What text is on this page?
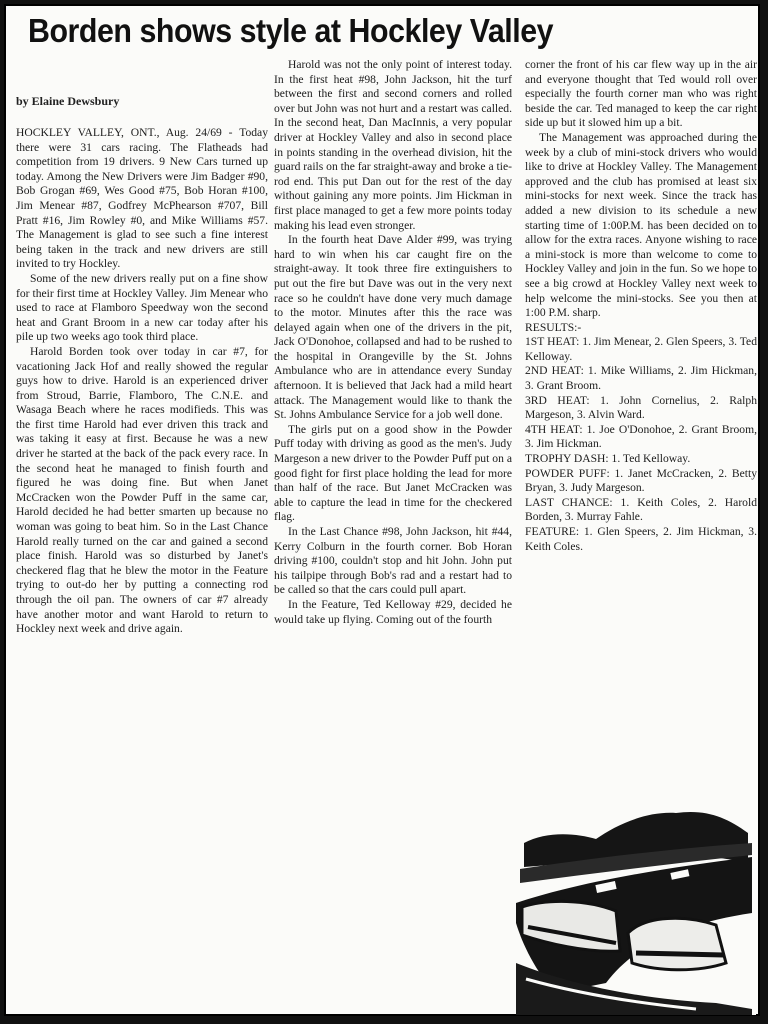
Borden shows style at Hockley Valley
by Elaine Dewsbury

HOCKLEY VALLEY, ONT., Aug. 24/69 - Today there were 31 cars racing. The Flatheads had competition from 19 drivers. 9 New Cars turned up today. Among the New Drivers were Jim Badger #90, Bob Grogan #69, Wes Good #75, Bob Horan #100, Jim Menear #87, Godfrey McPhearson #707, Bill Pratt #16, Jim Rowley #0, and Mike Williams #57. The Management is glad to see such a fine interest being taken in the track and new drivers are still invited to try Hockley.

Some of the new drivers really put on a fine show for their first time at Hockley Valley. Jim Menear who used to race at Flamboro Speedway won the second heat and Grant Broom in a new car today after his pile up two weeks ago took third place.

Harold Borden took over today in car #7, for vacationing Jack Hof and really showed the regular guys how to drive. Harold is an experienced driver from Stroud, Barrie, Flamboro, The C.N.E. and Wasaga Beach where he races modifieds. This was the first time Harold had ever driven this track and was taking it easy at first. Because he was a new driver he started at the back of the pack every race. In the second heat he managed to finish fourth and figured he was doing fine. But when Janet McCracken won the Powder Puff in the same car, Harold decided he had better smarten up because no woman was going to beat him. So in the Last Chance Harold really turned on the car and gained a second place finish. Harold was so disturbed by Janet's checkered flag that he blew the motor in the Feature trying to out-do her by putting a connecting rod through the oil pan. The owners of car #7 already have another motor and want Harold to return to Hockley next week and drive again.

Harold was not the only point of interest today. In the first heat #98, John Jackson, hit the turf between the first and second corners and rolled over but John was not hurt and a restart was called. In the second heat, Dan MacInnis, a very popular driver at Hockley Valley and also in second place in points standing in the overhead division, hit the guard rails on the far straight-away and broke a tie-rod end. This put Dan out for the rest of the day without gaining any more points. Jim Hickman in first place managed to get a few more points today making his lead even stronger.

In the fourth heat Dave Alder #99, was trying hard to win when his car caught fire on the straight-away. It took three fire extinguishers to put out the fire but Dave was out in the very next race so he couldn't have done very much damage to the motor. Minutes after this the race was delayed again when one of the drivers in the pit, Jack O'Donohoe, collapsed and had to be rushed to the hospital in Orangeville by the St. Johns Ambulance who are in attendance every Sunday afternoon. It is believed that Jack had a mild heart attack. The Management would like to thank the St. Johns Ambulance Service for a job well done.

The girls put on a good show in the Powder Puff today with driving as good as the men's. Judy Margeson a new driver to the Powder Puff put on a good fight for first place holding the lead for more than half of the race. But Janet McCracken was able to capture the lead in time for the checkered flag.

In the Last Chance #98, John Jackson, hit #44, Kerry Colburn in the fourth corner. Bob Horan driving #100, couldn't stop and hit John. John put his tailpipe through Bob's rad and a restart had to be called so that the cars could pull apart.

In the Feature, Ted Kelloway #29, decided he would take up flying. Coming out of the fourth

corner the front of his car flew way up in the air and everyone thought that Ted would roll over especially the fourth corner man who was right beside the car. Ted managed to keep the car right side up but it slowed him up a bit.

The Management was approached during the week by a club of mini-stock drivers who would like to drive at Hockley Valley. The Management approved and the club has promised at least six mini-stocks for next week. Since the track has added a new division to its schedule a new starting time of 1:00P.M. has been decided on to allow for the extra races. Anyone wishing to race a mini-stock is more than welcome to come to Hockley Valley and join in the fun. So we hope to see a big crowd at Hockley Valley next week to help welcome the mini-stocks. See you then at 1:00 P.M. sharp.

RESULTS:-

1ST HEAT: 1. Jim Menear, 2. Glen Speers, 3. Ted Kelloway.

2ND HEAT: 1. Mike Williams, 2. Jim Hickman, 3. Grant Broom.

3RD HEAT: 1. John Cornelius, 2. Ralph Margeson, 3. Alvin Ward.

4TH HEAT: 1. Joe O'Donohoe, 2. Grant Broom, 3. Jim Hickman.

TROPHY DASH: 1. Ted Kelloway.

POWDER PUFF: 1. Janet McCracken, 2. Betty Bryan, 3. Judy Margeson.

LAST CHANCE: 1. Keith Coles, 2. Harold Borden, 3. Murray Fahle.

FEATURE: 1. Glen Speers, 2. Jim Hickman, 3. Keith Coles.
